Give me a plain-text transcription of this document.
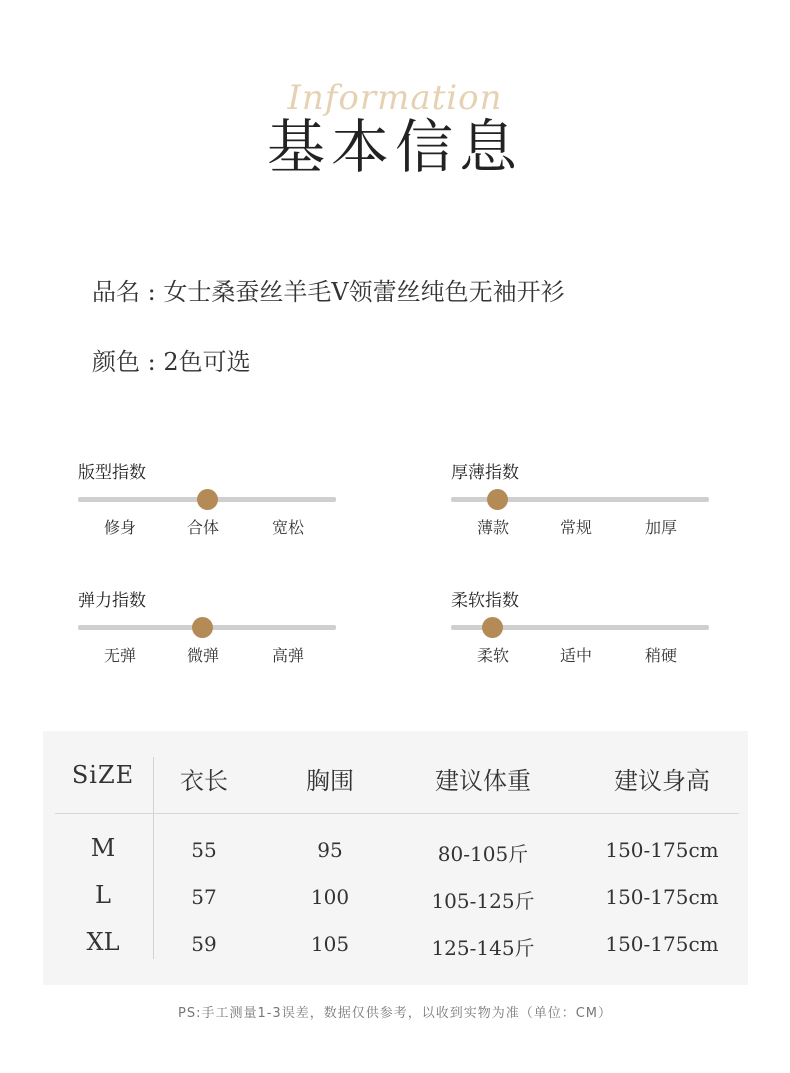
Information
基本信息
品名 : 女士桑蚕丝羊毛V领蕾丝纯色无袖开衫
颜色 : 2色可选
版型指数
修身	合体	宽松
厚薄指数
薄款	常规	加厚
弹力指数
无弹	微弹	高弹
柔软指数
柔软	适中	稍硬
SiZE	衣长	胸围	建议体重	建议身高
M	55	95	80-105斤	150-175cm
L	57	100	105-125斤	150-175cm
XL	59	105	125-145斤	150-175cm
PS:手工测量1-3误差，数据仅供参考，以收到实物为准（单位：CM）
